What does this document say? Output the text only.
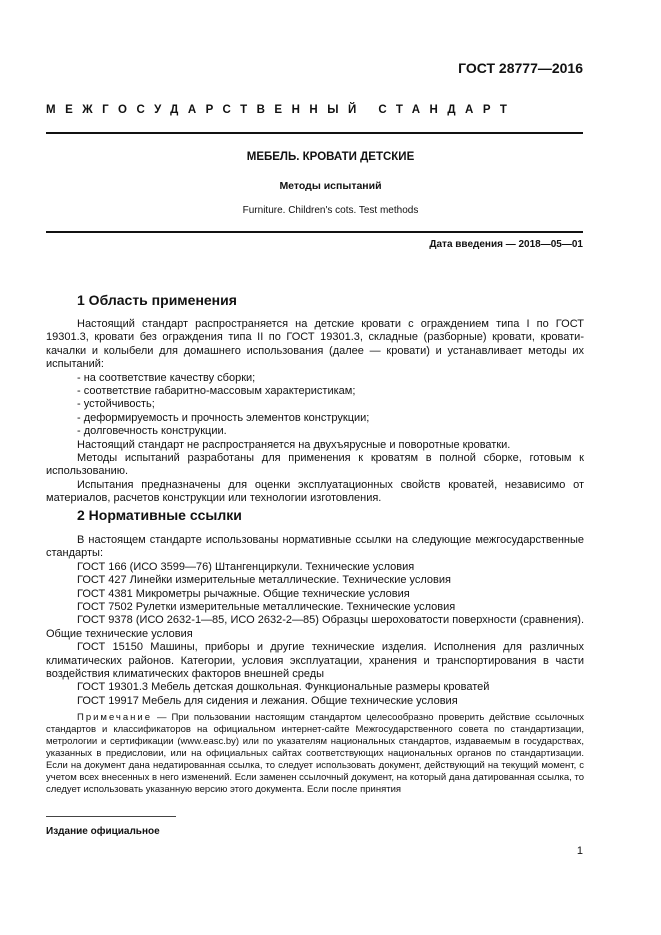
ГОСТ 28777—2016
МЕЖГОСУДАРСТВЕННЫЙ СТАНДАРТ
МЕБЕЛЬ. КРОВАТИ ДЕТСКИЕ
Методы испытаний
Furniture. Children's cots. Test methods
Дата введения — 2018—05—01
1 Область применения

Настоящий стандарт распространяется на детские кровати с ограждением типа I по ГОСТ 19301.3, кровати без ограждения типа II по ГОСТ 19301.3, складные (разборные) кровати, кровати-качалки и колыбели для домашнего использования (далее — кровати) и устанавливает методы их испытаний:

- на соответствие качеству сборки;

- соответствие габаритно-массовым характеристикам;

- устойчивость;

- деформируемость и прочность элементов конструкции;

- долговечность конструкции.

Настоящий стандарт не распространяется на двухъярусные и поворотные кроватки.

Методы испытаний разработаны для применения к кроватям в полной сборке, готовым к использованию.

Испытания предназначены для оценки эксплуатационных свойств кроватей, независимо от материалов, расчетов конструкции или технологии изготовления.

2 Нормативные ссылки

В настоящем стандарте использованы нормативные ссылки на следующие межгосударственные стандарты:

ГОСТ 166 (ИСО 3599—76) Штангенциркули. Технические условия

ГОСТ 427 Линейки измерительные металлические. Технические условия

ГОСТ 4381 Микрометры рычажные. Общие технические условия

ГОСТ 7502 Рулетки измерительные металлические. Технические условия

ГОСТ 9378 (ИСО 2632-1—85, ИСО 2632-2—85) Образцы шероховатости поверхности (сравнения). Общие технические условия

ГОСТ 15150 Машины, приборы и другие технические изделия. Исполнения для различных климатических районов. Категории, условия эксплуатации, хранения и транспортирования в части воздействия климатических факторов внешней среды

ГОСТ 19301.3 Мебель детская дошкольная. Функциональные размеры кроватей

ГОСТ 19917 Мебель для сидения и лежания. Общие технические условия

Примечание — При пользовании настоящим стандартом целесообразно проверить действие ссылочных стандартов и классификаторов на официальном интернет-сайте Межгосударственного совета по стандартизации, метрологии и сертификации (www.easc.by) или по указателям национальных стандартов, издаваемым в государствах, указанных в предисловии, или на официальных сайтах соответствующих национальных органов по стандартизации. Если на документ дана недатированная ссылка, то следует использовать документ, действующий на текущий момент, с учетом всех внесенных в него изменений. Если заменен ссылочный документ, на который дана датированная ссылка, то следует использовать указанную версию этого документа. Если после принятия

Издание официальное
1
